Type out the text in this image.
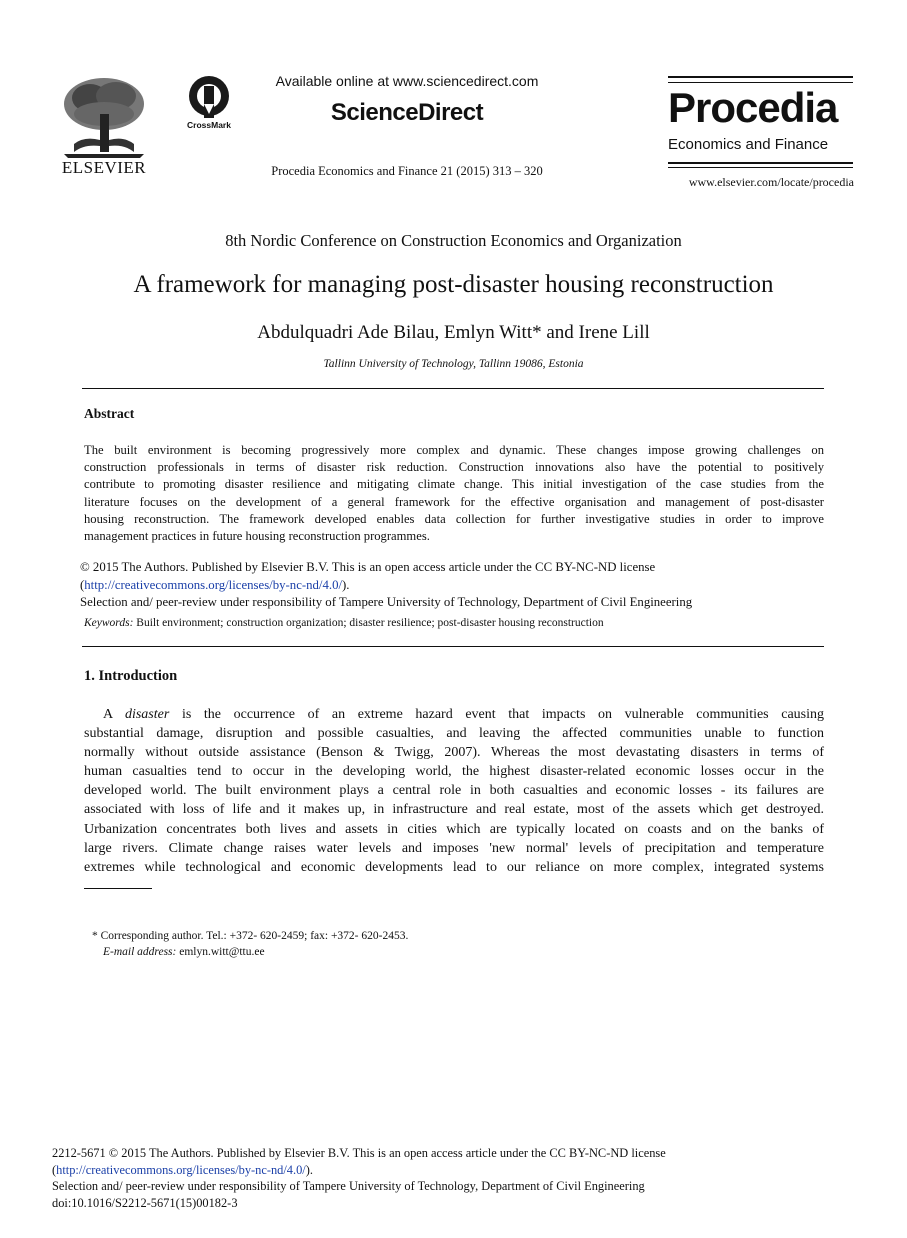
ELSEVIER
CrossMark
Available online at www.sciencedirect.com
ScienceDirect
Procedia Economics and Finance 21 (2015) 313 – 320
Procedia
Economics and Finance
www.elsevier.com/locate/procedia
8th Nordic Conference on Construction Economics and Organization
A framework for managing post-disaster housing reconstruction
Abdulquadri Ade Bilau, Emlyn Witt* and Irene Lill
Tallinn University of Technology, Tallinn 19086, Estonia
Abstract
The built environment is becoming progressively more complex and dynamic. These changes impose growing challenges on
construction professionals in terms of disaster risk reduction. Construction innovations also have the potential to positively
contribute to promoting disaster resilience and mitigating climate change. This initial investigation of the case studies from the
literature focuses on the development of a general framework for the effective organisation and management of post-disaster
housing reconstruction. The framework developed enables data collection for further investigative studies in order to improve
management practices in future housing reconstruction programmes.
© 2015 The Authors. Published by Elsevier B.V. This is an open access article under the CC BY-NC-ND license
(http://creativecommons.org/licenses/by-nc-nd/4.0/).
Selection and/ peer-review under responsibility of Tampere University of Technology, Department of Civil Engineering
Keywords: Built environment; construction organization; disaster resilience; post-disaster housing reconstruction
1. Introduction
A disaster is the occurrence of an extreme hazard event that impacts on vulnerable communities causing
substantial damage, disruption and possible casualties, and leaving the affected communities unable to function
normally without outside assistance (Benson & Twigg, 2007). Whereas the most devastating disasters in terms of
human casualties tend to occur in the developing world, the highest disaster-related economic losses occur in the
developed world. The built environment plays a central role in both casualties and economic losses - its failures are
associated with loss of life and it makes up, in infrastructure and real estate, most of the assets which get destroyed.
Urbanization concentrates both lives and assets in cities which are typically located on coasts and on the banks of
large rivers. Climate change raises water levels and imposes 'new normal' levels of precipitation and temperature
extremes while technological and economic developments lead to our reliance on more complex, integrated systems
* Corresponding author. Tel.: +372- 620-2459; fax: +372- 620-2453.
E-mail address: emlyn.witt@ttu.ee
2212-5671 © 2015 The Authors. Published by Elsevier B.V. This is an open access article under the CC BY-NC-ND license
(http://creativecommons.org/licenses/by-nc-nd/4.0/).
Selection and/ peer-review under responsibility of Tampere University of Technology, Department of Civil Engineering
doi:10.1016/S2212-5671(15)00182-3
